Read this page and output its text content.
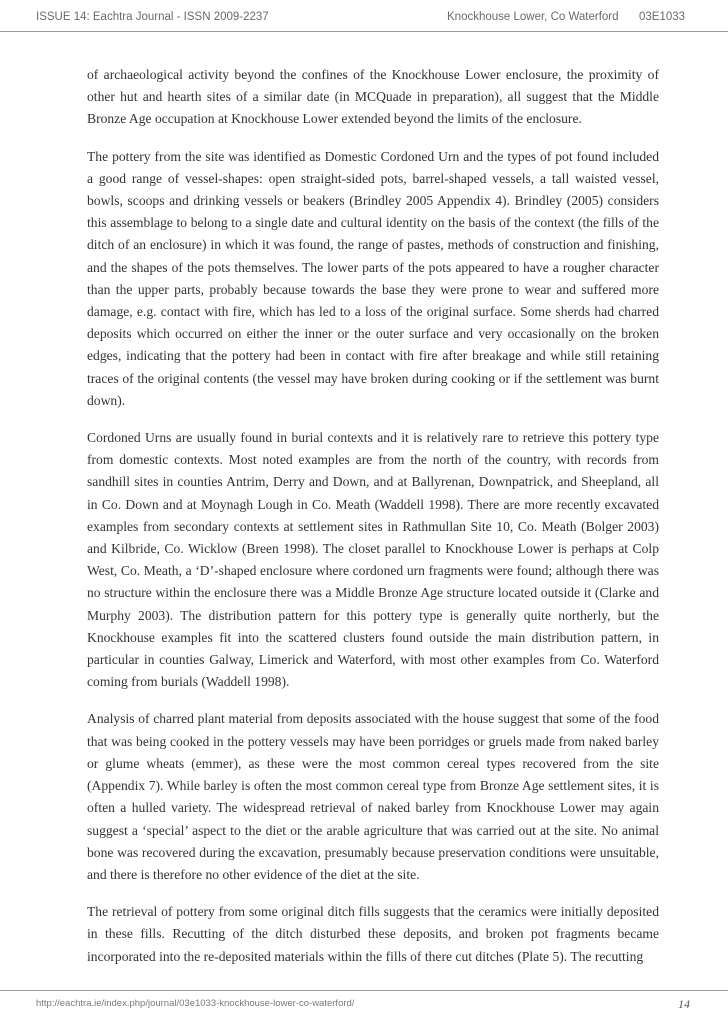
ISSUE 14: Eachtra Journal - ISSN 2009-2237	Knockhouse Lower, Co Waterford 03E1033

of archaeological activity beyond the confines of the Knockhouse Lower enclosure, the proximity of other hut and hearth sites of a similar date (in MCQuade in preparation), all suggest that the Middle Bronze Age occupation at Knockhouse Lower extended beyond the limits of the enclosure.

The pottery from the site was identified as Domestic Cordoned Urn and the types of pot found included a good range of vessel-shapes: open straight-sided pots, barrel-shaped vessels, a tall waisted vessel, bowls, scoops and drinking vessels or beakers (Brindley 2005 Appendix 4). Brindley (2005) considers this assemblage to belong to a single date and cultural identity on the basis of the context (the fills of the ditch of an enclosure) in which it was found, the range of pastes, methods of construction and finishing, and the shapes of the pots themselves. The lower parts of the pots appeared to have a rougher character than the upper parts, probably because towards the base they were prone to wear and suffered more damage, e.g. contact with fire, which has led to a loss of the original surface. Some sherds had charred deposits which occurred on either the inner or the outer surface and very occasionally on the broken edges, indicating that the pottery had been in contact with fire after breakage and while still retaining traces of the original contents (the vessel may have broken during cooking or if the settlement was burnt down).

Cordoned Urns are usually found in burial contexts and it is relatively rare to retrieve this pottery type from domestic contexts. Most noted examples are from the north of the country, with records from sandhill sites in counties Antrim, Derry and Down, and at Ballyrenan, Downpatrick, and Sheepland, all in Co. Down and at Moynagh Lough in Co. Meath (Waddell 1998). There are more recently excavated examples from secondary contexts at settlement sites in Rathmullan Site 10, Co. Meath (Bolger 2003) and Kilbride, Co. Wicklow (Breen 1998). The closet parallel to Knockhouse Lower is perhaps at Colp West, Co. Meath, a ‘D’-shaped enclosure where cordoned urn fragments were found; although there was no structure within the enclosure there was a Middle Bronze Age structure located outside it (Clarke and Murphy 2003). The distribution pattern for this pottery type is generally quite northerly, but the Knockhouse examples fit into the scattered clusters found outside the main distribution pattern, in particular in counties Galway, Limerick and Waterford, with most other examples from Co. Waterford coming from burials (Waddell 1998).

Analysis of charred plant material from deposits associated with the house suggest that some of the food that was being cooked in the pottery vessels may have been porridges or gruels made from naked barley or glume wheats (emmer), as these were the most common cereal types recovered from the site (Appendix 7). While barley is often the most common cereal type from Bronze Age settlement sites, it is often a hulled variety. The widespread retrieval of naked barley from Knockhouse Lower may again suggest a ‘special’ aspect to the diet or the arable agriculture that was carried out at the site. No animal bone was recovered during the excavation, presumably because preservation conditions were unsuitable, and there is therefore no other evidence of the diet at the site.

The retrieval of pottery from some original ditch fills suggests that the ceramics were initially deposited in these fills. Recutting of the ditch disturbed these deposits, and broken pot fragments became incorporated into the re-deposited materials within the fills of there cut ditches (Plate 5). The recutting

http://eachtra.ie/index.php/journal/03e1033-knockhouse-lower-co-waterford/	14
